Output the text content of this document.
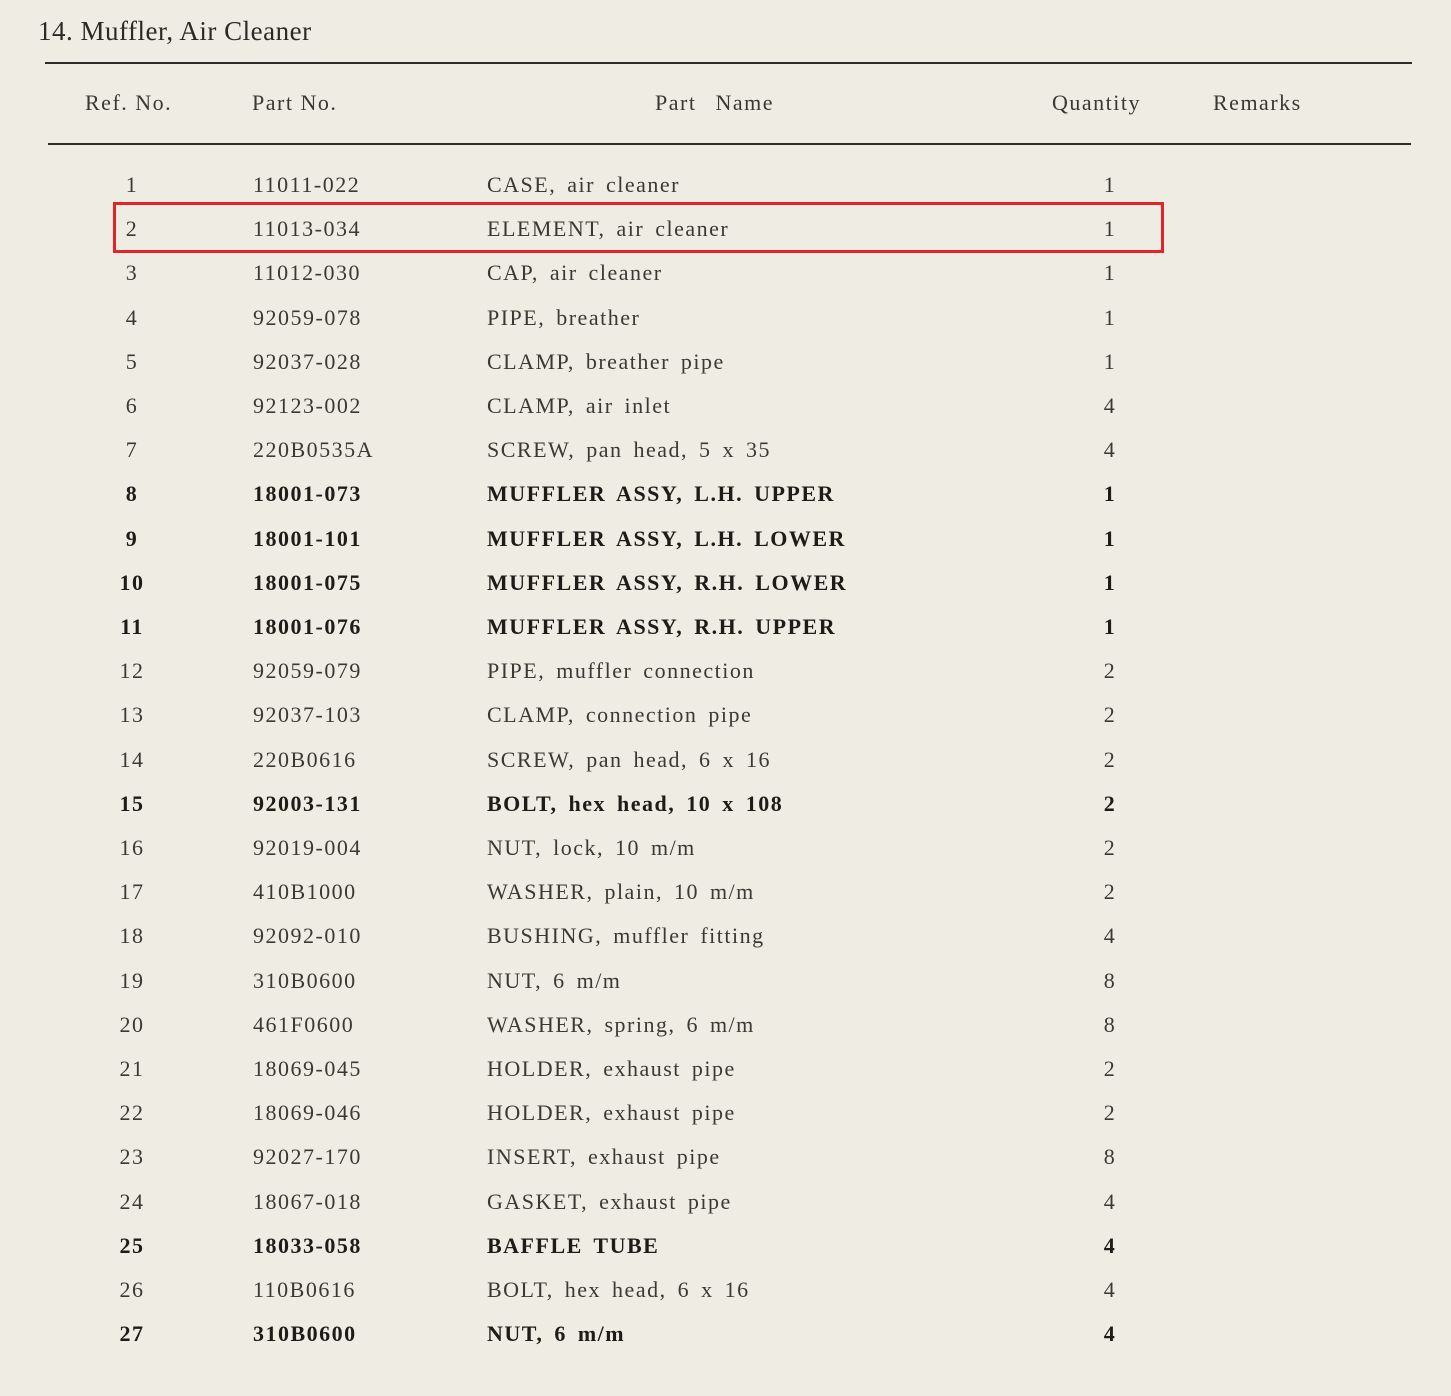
14. Muffler, Air Cleaner
Ref. No.	Part No.	Part Name	Quantity	Remarks
1	11011-022	CASE, air cleaner	1
2	11013-034	ELEMENT, air cleaner	1
3	11012-030	CAP, air cleaner	1
4	92059-078	PIPE, breather	1
5	92037-028	CLAMP, breather pipe	1
6	92123-002	CLAMP, air inlet	4
7	220B0535A	SCREW, pan head, 5 x 35	4
8	18001-073	MUFFLER ASSY, L.H. UPPER	1
9	18001-101	MUFFLER ASSY, L.H. LOWER	1
10	18001-075	MUFFLER ASSY, R.H. LOWER	1
11	18001-076	MUFFLER ASSY, R.H. UPPER	1
12	92059-079	PIPE, muffler connection	2
13	92037-103	CLAMP, connection pipe	2
14	220B0616	SCREW, pan head, 6 x 16	2
15	92003-131	BOLT, hex head, 10 x 108	2
16	92019-004	NUT, lock, 10 m/m	2
17	410B1000	WASHER, plain, 10 m/m	2
18	92092-010	BUSHING, muffler fitting	4
19	310B0600	NUT, 6 m/m	8
20	461F0600	WASHER, spring, 6 m/m	8
21	18069-045	HOLDER, exhaust pipe	2
22	18069-046	HOLDER, exhaust pipe	2
23	92027-170	INSERT, exhaust pipe	8
24	18067-018	GASKET, exhaust pipe	4
25	18033-058	BAFFLE TUBE	4
26	110B0616	BOLT, hex head, 6 x 16	4
27	310B0600	NUT, 6 m/m	4
